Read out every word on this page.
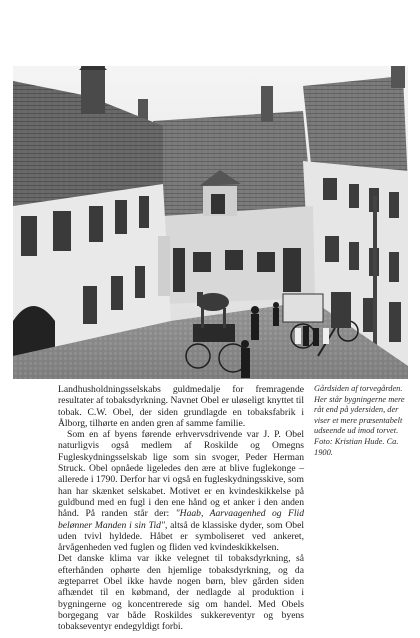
Landhusholdningsselskabs guldmedalje for fremragende resultater af tobaksdyrkning. Navnet Obel er uløseligt knyttet til tobak. C.W. Obel, der siden grundlagde en tobaksfabrik i Ålborg, tilhørte en anden gren af samme familie.

Som en af byens førende erhvervsdrivende var J. P. Obel naturligvis også medlem af Roskilde og Omegns Fugleskydningsselskab lige som sin svoger, Peder Herman Struck. Obel opnåede ligeledes den ære at blive fuglekonge – allerede i 1790. Derfor har vi også en fugleskydningsskive, som han har skænket selskabet. Motivet er en kvindeskikkelse på guldbund med en fugl i den ene hånd og et anker i den anden hånd. På randen står der: "Haab, Aarvaagenhed og Flid belønner Manden i sin Tid", altså de klassiske dyder, som Obel uden tvivl hyldede. Håbet er symboliseret ved ankeret, årvågenheden ved fuglen og fliden ved kvindeskikkelsen.

Det danske klima var ikke velegnet til tobaksdyrkning, så efterhånden ophørte den hjemlige tobaksdyrkning, og da ægteparret Obel ikke havde nogen børn, blev gården siden afhændet til en købmand, der nedlagde al produktion i bygningerne og koncentrerede sig om handel. Med Obels borgegang var både Roskildes sukkereventyr og byens tobakseventyr endegyldigt forbi.

Gårdsiden af torvegården. Her står bygningerne mere råt end på ydersiden, der viser et mere præsentabelt udseende ud imod torvet. Foto: Kristian Hude. Ca. 1900.
